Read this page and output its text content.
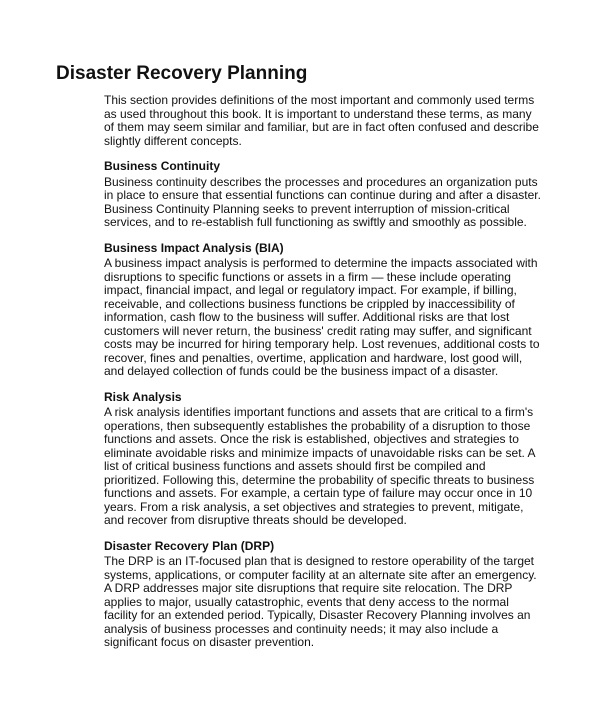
Disaster Recovery Planning

This section provides definitions of the most important and commonly used terms as used throughout this book. It is important to understand these terms, as many of them may seem similar and familiar, but are in fact often confused and describe slightly different concepts.

Business Continuity

Business continuity describes the processes and procedures an organization puts in place to ensure that essential functions can continue during and after a disaster. Business Continuity Planning seeks to prevent interruption of mission-critical services, and to re-establish full functioning as swiftly and smoothly as possible.

Business Impact Analysis (BIA)

A business impact analysis is performed to determine the impacts associated with disruptions to specific functions or assets in a firm — these include operating impact, financial impact, and legal or regulatory impact. For example, if billing, receivable, and collections business functions be crippled by inaccessibility of information, cash flow to the business will suffer. Additional risks are that lost customers will never return, the business' credit rating may suffer, and significant costs may be incurred for hiring temporary help. Lost revenues, additional costs to recover, fines and penalties, overtime, application and hardware, lost good will, and delayed collection of funds could be the business impact of a disaster.

Risk Analysis

A risk analysis identifies important functions and assets that are critical to a firm's operations, then subsequently establishes the probability of a disruption to those functions and assets. Once the risk is established, objectives and strategies to eliminate avoidable risks and minimize impacts of unavoidable risks can be set. A list of critical business functions and assets should first be compiled and prioritized. Following this, determine the probability of specific threats to business functions and assets. For example, a certain type of failure may occur once in 10 years. From a risk analysis, a set objectives and strategies to prevent, mitigate, and recover from disruptive threats should be developed.

Disaster Recovery Plan (DRP)

The DRP is an IT-focused plan that is designed to restore operability of the target systems, applications, or computer facility at an alternate site after an emergency. A DRP addresses major site disruptions that require site relocation. The DRP applies to major, usually catastrophic, events that deny access to the normal facility for an extended period. Typically, Disaster Recovery Planning involves an analysis of business processes and continuity needs; it may also include a significant focus on disaster prevention.
